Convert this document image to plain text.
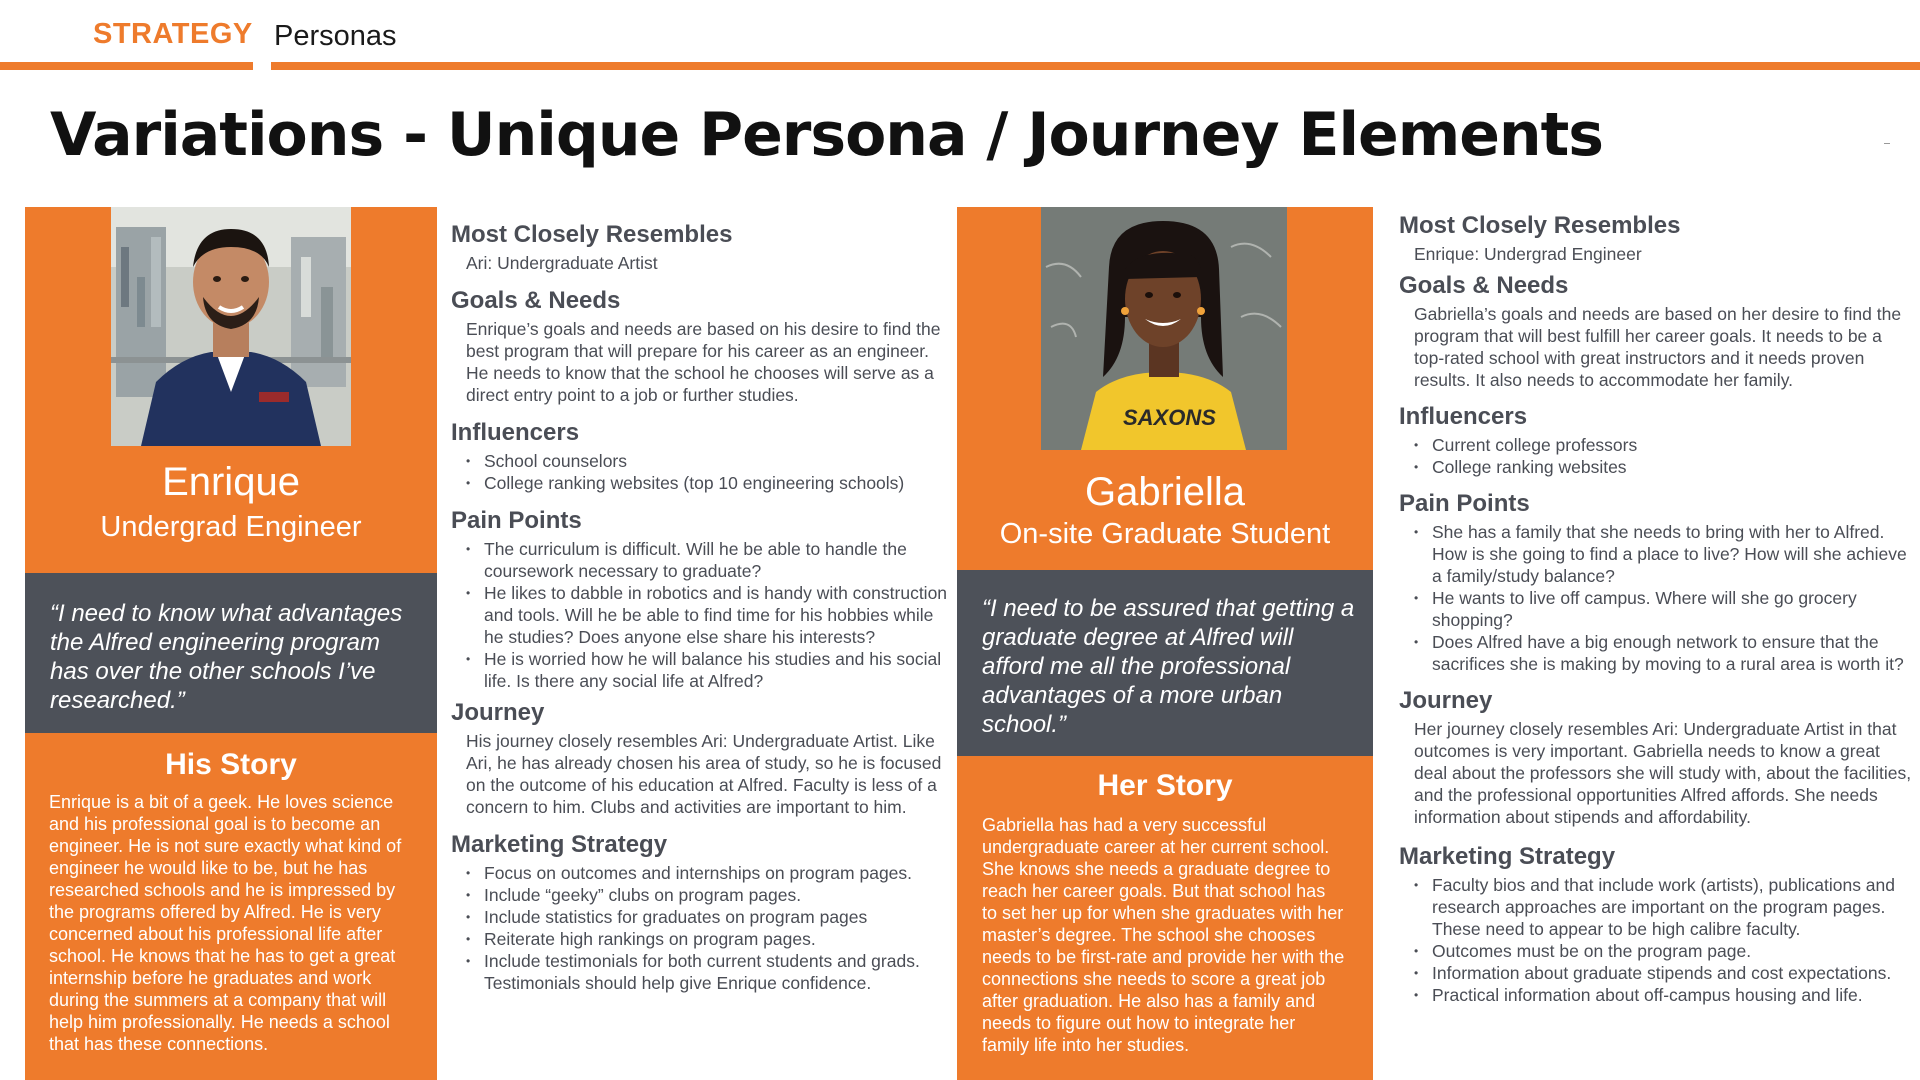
STRATEGY Personas
Variations - Unique Persona / Journey Elements
Enrique
Undergrad Engineer
“I need to know what advantages the Alfred engineering program has over the other schools I’ve researched.”
His Story
Enrique is a bit of a geek. He loves science and his professional goal is to become an engineer. He is not sure exactly what kind of engineer he would like to be, but he has researched schools and he is impressed by the programs offered by Alfred. He is very concerned about his professional life after school. He knows that he has to get a great internship before he graduates and work during the summers at a company that will help him professionally. He needs a school that has these connections.
Most Closely Resembles

Ari: Undergraduate Artist

Goals & Needs

Enrique’s goals and needs are based on his desire to find the best program that will prepare for his career as an engineer. He needs to know that the school he chooses will serve as a direct entry point to a job or further studies.

Influencers
• School counselors
• College ranking websites (top 10 engineering schools)
Pain Points
• The curriculum is difficult. Will he be able to handle the coursework necessary to graduate?
• He likes to dabble in robotics and is handy with construction and tools. Will he be able to find time for his hobbies while he studies? Does anyone else share his interests?
• He is worried how he will balance his studies and his social life. Is there any social life at Alfred?
Journey

His journey closely resembles Ari: Undergraduate Artist. Like Ari, he has already chosen his area of study, so he is focused on the outcome of his education at Alfred. Faculty is less of a concern to him. Clubs and activities are important to him.

Marketing Strategy
• Focus on outcomes and internships on program pages.
• Include “geeky” clubs on program pages.
• Include statistics for graduates on program pages
• Reiterate high rankings on program pages.
• Include testimonials for both current students and grads. Testimonials should help give Enrique confidence.
SAXONS
Gabriella
On-site Graduate Student
“I need to be assured that getting a graduate degree at Alfred will afford me all the professional advantages of a more urban school.”
Her Story
Gabriella has had a very successful undergraduate career at her current school. She knows she needs a graduate degree to reach her career goals. But that school has to set her up for when she graduates with her master’s degree. The school she chooses needs to be first-rate and provide her with the connections she needs to score a great job after graduation. He also has a family and needs to figure out how to integrate her family life into her studies.
Most Closely Resembles

Enrique: Undergrad Engineer

Goals & Needs

Gabriella’s goals and needs are based on her desire to find the program that will best fulfill her career goals. It needs to be a top-rated school with great instructors and it needs proven results. It also needs to accommodate her family.

Influencers
• Current college professors
• College ranking websites
Pain Points
• She has a family that she needs to bring with her to Alfred. How is she going to find a place to live? How will she achieve a family/study balance?
• He wants to live off campus. Where will she go grocery shopping?
• Does Alfred have a big enough network to ensure that the sacrifices she is making by moving to a rural area is worth it?
Journey

Her journey closely resembles Ari: Undergraduate Artist in that outcomes is very important. Gabriella needs to know a great deal about the professors she will study with, about the facilities, and the professional opportunities Alfred affords. She needs information about stipends and affordability.

Marketing Strategy
• Faculty bios and that include work (artists), publications and research approaches are important on the program pages. These need to appear to be high calibre faculty.
• Outcomes must be on the program page.
• Information about graduate stipends and cost expectations.
• Practical information about off-campus housing and life.
